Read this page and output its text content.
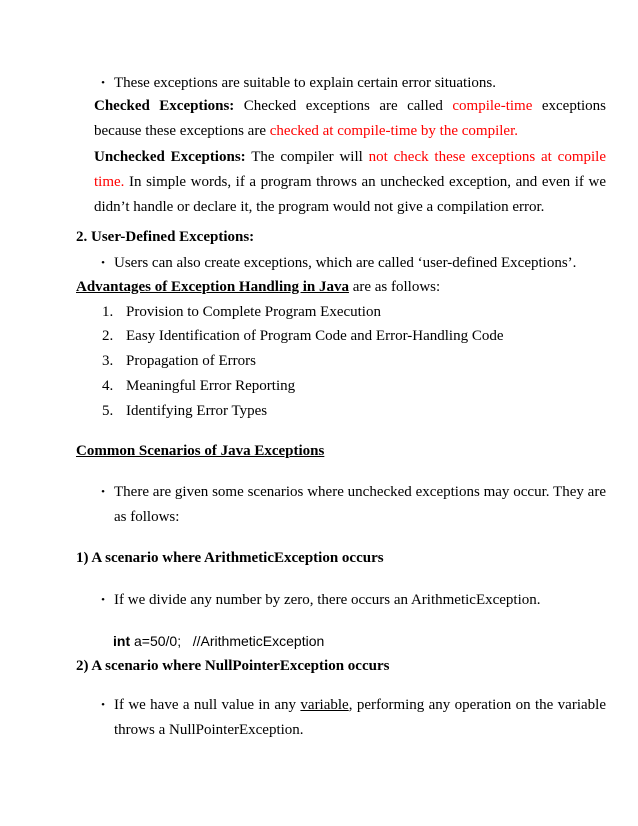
• These exceptions are suitable to explain certain error situations.

Checked Exceptions: Checked exceptions are called compile-time exceptions because these exceptions are checked at compile-time by the compiler.

Unchecked Exceptions: The compiler will not check these exceptions at compile time. In simple words, if a program throws an unchecked exception, and even if we didn’t handle or declare it, the program would not give a compilation error.

2. User-Defined Exceptions:
• Users can also create exceptions, which are called ‘user-defined Exceptions’.
Advantages of Exception Handling in Java are as follows:
1. Provision to Complete Program Execution
2. Easy Identification of Program Code and Error-Handling Code
3. Propagation of Errors
4. Meaningful Error Reporting
5. Identifying Error Types
Common Scenarios of Java Exceptions
• There are given some scenarios where unchecked exceptions may occur. They are as follows:
1) A scenario where ArithmeticException occurs
• If we divide any number by zero, there occurs an ArithmeticException.
int a=50/0;   //ArithmeticException
2) A scenario where NullPointerException occurs
• If we have a null value in any variable, performing any operation on the variable throws a NullPointerException.
